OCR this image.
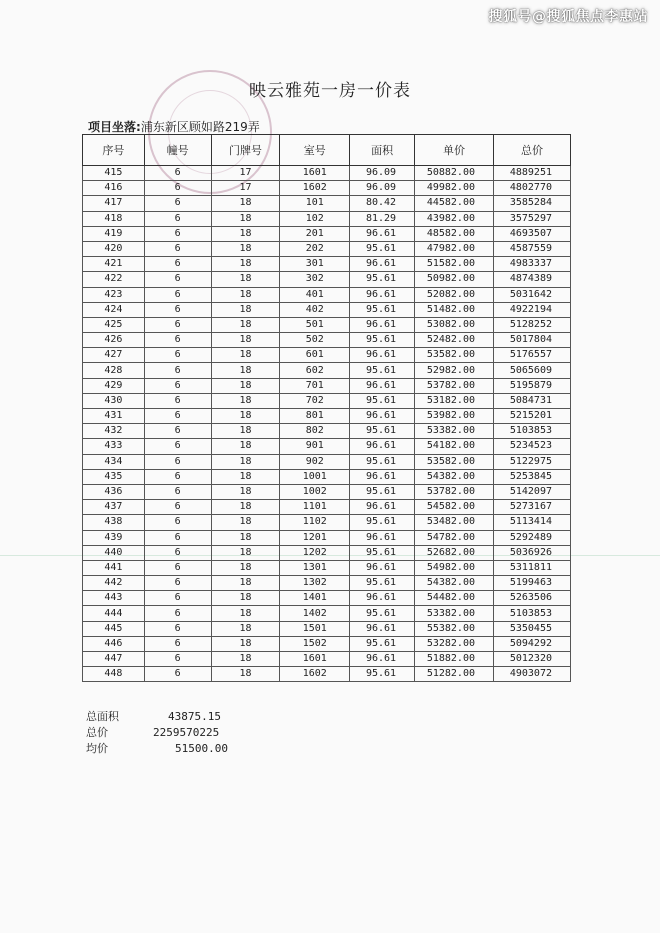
搜狐号@搜狐焦点李惠站
映云雅苑一房一价表
项目坐落:浦东新区顾如路219弄
序号	幢号	门牌号	室号	面积	单价	总价
415	6	17	1601	96.09	50882.00	4889251
416	6	17	1602	96.09	49982.00	4802770
417	6	18	101	80.42	44582.00	3585284
418	6	18	102	81.29	43982.00	3575297
419	6	18	201	96.61	48582.00	4693507
420	6	18	202	95.61	47982.00	4587559
421	6	18	301	96.61	51582.00	4983337
422	6	18	302	95.61	50982.00	4874389
423	6	18	401	96.61	52082.00	5031642
424	6	18	402	95.61	51482.00	4922194
425	6	18	501	96.61	53082.00	5128252
426	6	18	502	95.61	52482.00	5017804
427	6	18	601	96.61	53582.00	5176557
428	6	18	602	95.61	52982.00	5065609
429	6	18	701	96.61	53782.00	5195879
430	6	18	702	95.61	53182.00	5084731
431	6	18	801	96.61	53982.00	5215201
432	6	18	802	95.61	53382.00	5103853
433	6	18	901	96.61	54182.00	5234523
434	6	18	902	95.61	53582.00	5122975
435	6	18	1001	96.61	54382.00	5253845
436	6	18	1002	95.61	53782.00	5142097
437	6	18	1101	96.61	54582.00	5273167
438	6	18	1102	95.61	53482.00	5113414
439	6	18	1201	96.61	54782.00	5292489
440	6	18	1202	95.61	52682.00	5036926
441	6	18	1301	96.61	54982.00	5311811
442	6	18	1302	95.61	54382.00	5199463
443	6	18	1401	96.61	54482.00	5263506
444	6	18	1402	95.61	53382.00	5103853
445	6	18	1501	96.61	55382.00	5350455
446	6	18	1502	95.61	53282.00	5094292
447	6	18	1601	96.61	51882.00	5012320
448	6	18	1602	95.61	51282.00	4903072
总面积	43875.15
总价	2259570225
均价	51500.00
